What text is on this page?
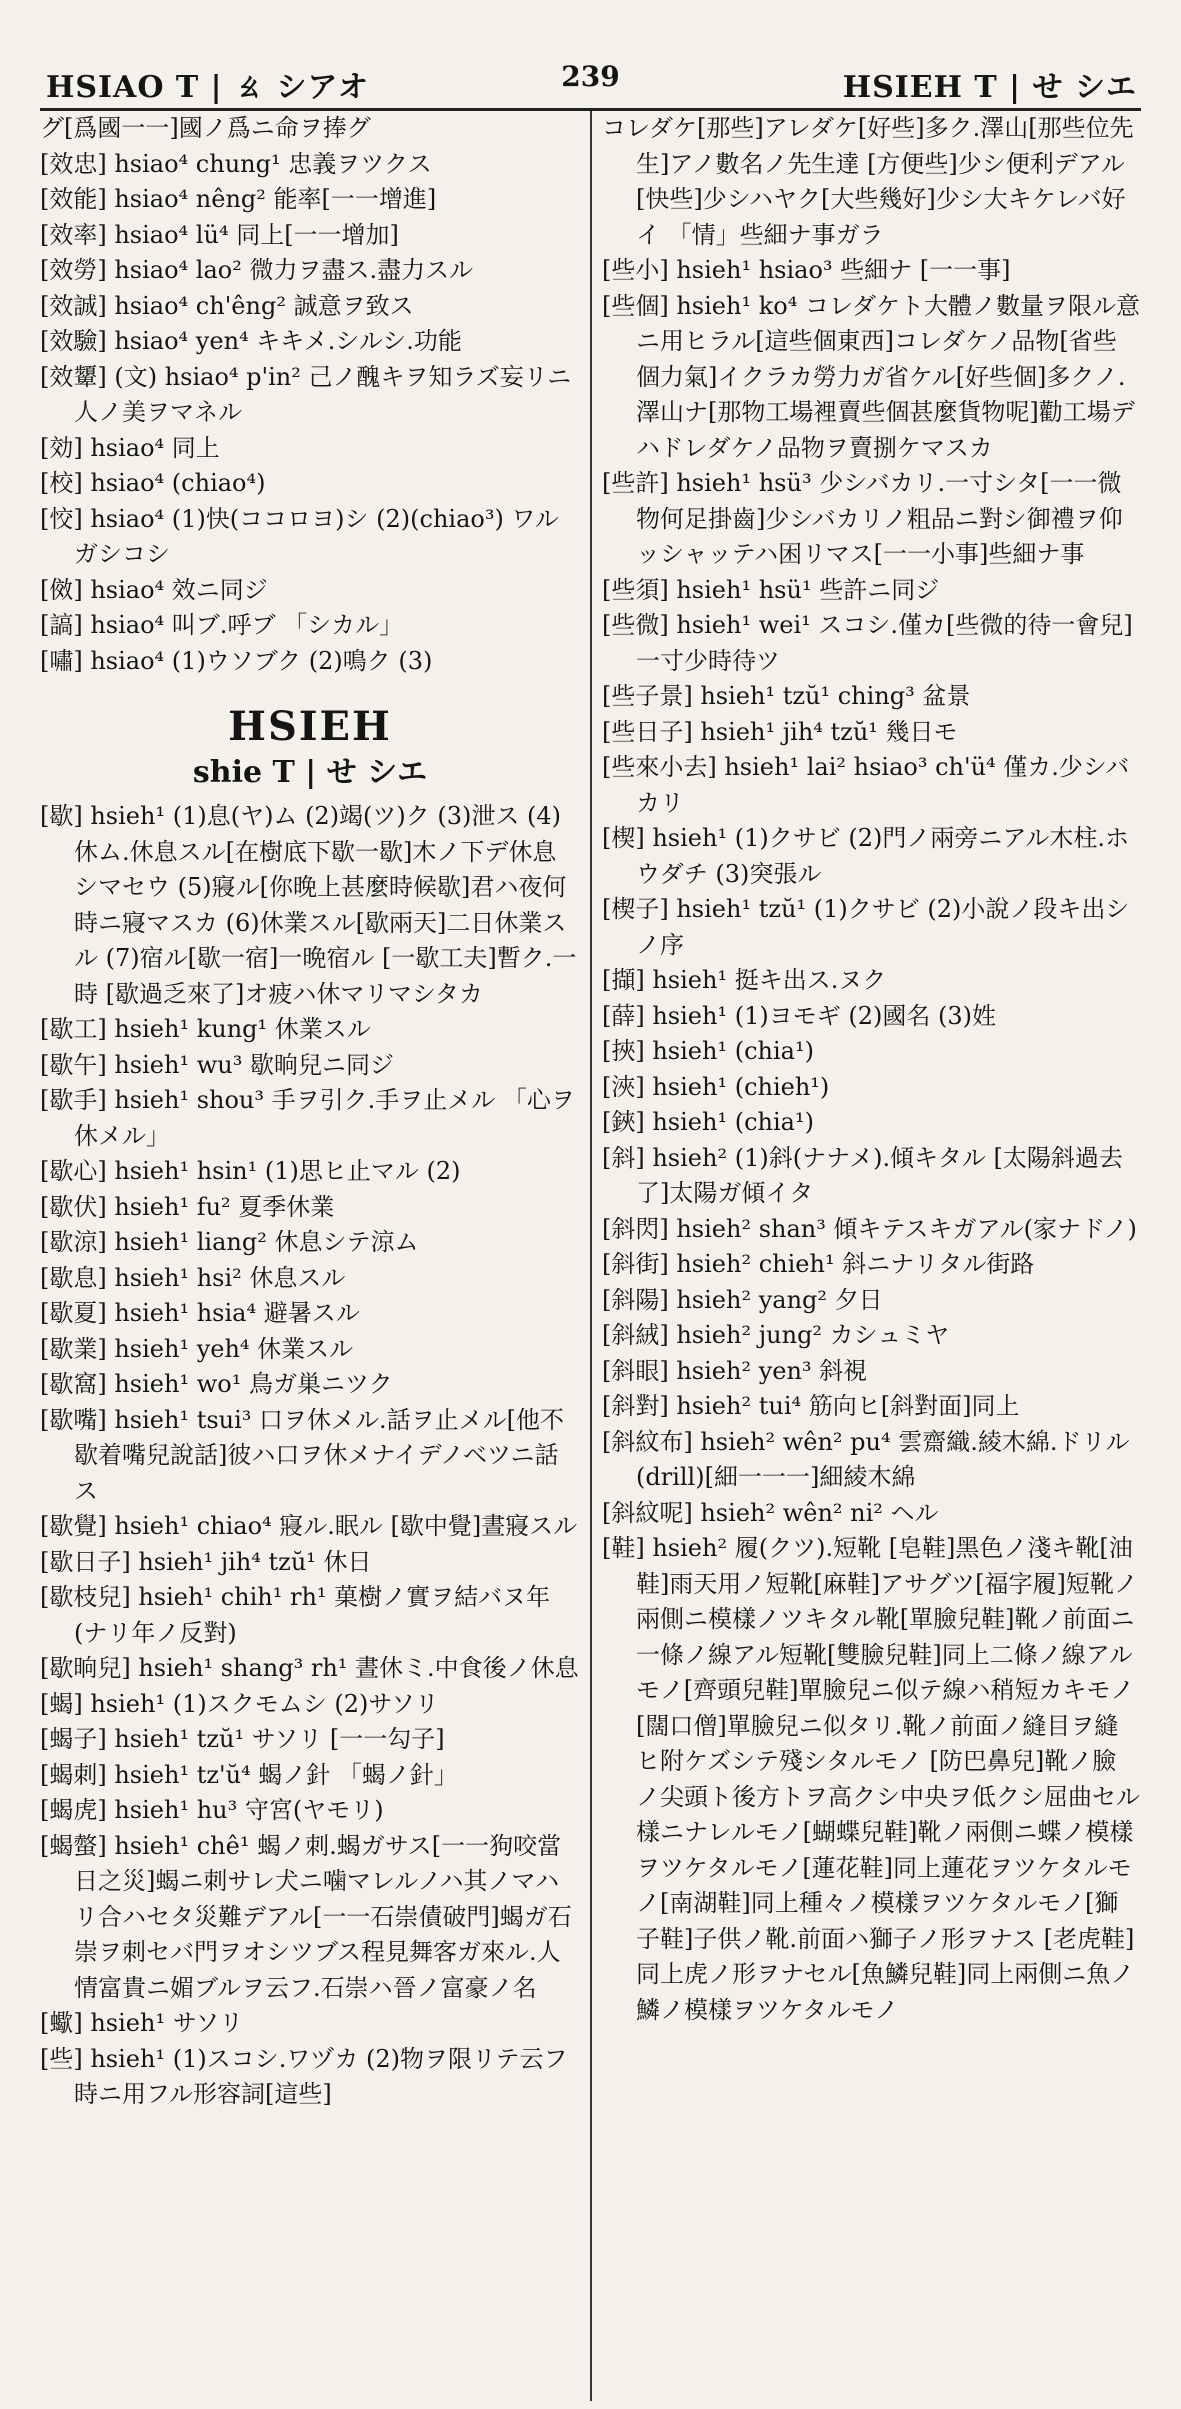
HSIAO T | ㄠ シアオ	239	HSIEH T | せ シエ

グ[爲國一一]國ノ爲ニ命ヲ捧グ

[效忠] hsiao⁴ chung¹ 忠義ヲツクス

[效能] hsiao⁴ nêng² 能率[一一增進]

[效率] hsiao⁴ lü⁴ 同上[一一增加]

[效勞] hsiao⁴ lao² 微力ヲ盡ス.盡力スル

[效誠] hsiao⁴ ch'êng² 誠意ヲ致ス

[效驗] hsiao⁴ yen⁴ キキメ.シルシ.功能

[效顰] (文) hsiao⁴ p'in² 己ノ醜キヲ知ラズ妄リニ人ノ美ヲマネル

[効] hsiao⁴ 同上

[校] hsiao⁴ (chiao⁴)

[恔] hsiao⁴ (1)快(ココロヨ)シ (2)(chiao³) ワルガシコシ

[傚] hsiao⁴ 效ニ同ジ

[謞] hsiao⁴ 叫ブ.呼ブ 「シカル」

[嘯] hsiao⁴ (1)ウソブク (2)鳴ク (3)

HSIEH
shie T | せ シエ

[歇] hsieh¹ (1)息(ヤ)ム (2)竭(ツ)ク (3)泄ス (4)休ム.休息スル[在樹底下歇一歇]木ノ下デ休息シマセウ (5)寢ル[你晚上甚麼時候歇]君ハ夜何時ニ寢マスカ (6)休業スル[歇兩天]二日休業スル (7)宿ル[歇一宿]一晩宿ル [一歇工夫]暫ク.一時 [歇過乏來了]オ疲ハ休マリマシタカ

[歇工] hsieh¹ kung¹ 休業スル

[歇午] hsieh¹ wu³ 歇晌兒ニ同ジ

[歇手] hsieh¹ shou³ 手ヲ引ク.手ヲ止メル 「心ヲ休メル」

[歇心] hsieh¹ hsin¹ (1)思ヒ止マル (2)

[歇伏] hsieh¹ fu² 夏季休業

[歇涼] hsieh¹ liang² 休息シテ涼ム

[歇息] hsieh¹ hsi² 休息スル

[歇夏] hsieh¹ hsia⁴ 避暑スル

[歇業] hsieh¹ yeh⁴ 休業スル

[歇窩] hsieh¹ wo¹ 鳥ガ巣ニツク

[歇嘴] hsieh¹ tsui³ 口ヲ休メル.話ヲ止メル[他不歇着嘴兒說話]彼ハ口ヲ休メナイデノベツニ話ス

[歇覺] hsieh¹ chiao⁴ 寢ル.眠ル [歇中覺]晝寢スル

[歇日子] hsieh¹ jih⁴ tzŭ¹ 休日

[歇枝兒] hsieh¹ chih¹ rh¹ 菓樹ノ實ヲ結バヌ年(ナリ年ノ反對)

[歇晌兒] hsieh¹ shang³ rh¹ 晝休ミ.中食後ノ休息

[蝎] hsieh¹ (1)スクモムシ (2)サソリ

[蝎子] hsieh¹ tzŭ¹ サソリ [一一勾子]

[蝎刺] hsieh¹ tz'ŭ⁴ 蝎ノ針 「蝎ノ針」

[蝎虎] hsieh¹ hu³ 守宮(ヤモリ)

[蝎螫] hsieh¹ chê¹ 蝎ノ刺.蝎ガサス[一一狗咬當日之災]蝎ニ刺サレ犬ニ噛マレルノハ其ノマハリ合ハセタ災難デアル[一一石崇債破門]蝎ガ石崇ヲ刺セバ門ヲオシツブス程見舞客ガ來ル.人情富貴ニ媚ブルヲ云フ.石崇ハ晉ノ富豪ノ名

[蠍] hsieh¹ サソリ

[些] hsieh¹ (1)スコシ.ワヅカ (2)物ヲ限リテ云フ時ニ用フル形容詞[這些]

コレダケ[那些]アレダケ[好些]多ク.澤山[那些位先生]アノ數名ノ先生達 [方便些]少シ便利デアル[快些]少シハヤク[大些幾好]少シ大キケレバ好イ 「情」些細ナ事ガラ

[些小] hsieh¹ hsiao³ 些細ナ [一一事]

[些個] hsieh¹ ko⁴ コレダケト大體ノ數量ヲ限ル意ニ用ヒラル[這些個東西]コレダケノ品物[省些個力氣]イクラカ勞力ガ省ケル[好些個]多クノ.澤山ナ[那物工場裡賣些個甚麼貨物呢]勸工場デハドレダケノ品物ヲ賣捌ケマスカ

[些許] hsieh¹ hsü³ 少シバカリ.一寸シタ[一一微物何足掛齒]少シバカリノ粗品ニ對シ御禮ヲ仰ッシャッテハ困リマス[一一小事]些細ナ事

[些須] hsieh¹ hsü¹ 些許ニ同ジ

[些微] hsieh¹ wei¹ スコシ.僅カ[些微的待一會兒]一寸少時待ツ

[些子景] hsieh¹ tzŭ¹ ching³ 盆景

[些日子] hsieh¹ jih⁴ tzŭ¹ 幾日モ

[些來小去] hsieh¹ lai² hsiao³ ch'ü⁴ 僅カ.少シバカリ

[楔] hsieh¹ (1)クサビ (2)門ノ兩旁ニアル木柱.ホウダチ (3)突張ル

[楔子] hsieh¹ tzŭ¹ (1)クサビ (2)小說ノ段キ出シノ序

[擷] hsieh¹ 挺キ出ス.ヌク

[薛] hsieh¹ (1)ヨモギ (2)國名 (3)姓

[挾] hsieh¹ (chia¹)

[浹] hsieh¹ (chieh¹)

[鋏] hsieh¹ (chia¹)

[斜] hsieh² (1)斜(ナナメ).傾キタル [太陽斜過去了]太陽ガ傾イタ

[斜閃] hsieh² shan³ 傾キテスキガアル(家ナドノ)

[斜街] hsieh² chieh¹ 斜ニナリタル街路

[斜陽] hsieh² yang² 夕日

[斜絨] hsieh² jung² カシュミヤ

[斜眼] hsieh² yen³ 斜視

[斜對] hsieh² tui⁴ 筋向ヒ[斜對面]同上

[斜紋布] hsieh² wên² pu⁴ 雲齋織.綾木綿.ドリル(drill)[細一一一]細綾木綿

[斜紋呢] hsieh² wên² ni² ヘル

[鞋] hsieh² 履(クツ).短靴 [皂鞋]黑色ノ淺キ靴[油鞋]雨天用ノ短靴[麻鞋]アサグツ[福字履]短靴ノ兩側ニ模樣ノツキタル靴[單臉兒鞋]靴ノ前面ニ一條ノ線アル短靴[雙臉兒鞋]同上二條ノ線アルモノ[齊頭兒鞋]單臉兒ニ似テ線ハ稍短カキモノ [闊口僧]單臉兒ニ似タリ.靴ノ前面ノ縫目ヲ縫ヒ附ケズシテ殘シタルモノ [防巴鼻兒]靴ノ臉ノ尖頭ト後方トヲ高クシ中央ヲ低クシ屈曲セル樣ニナレルモノ[蝴蝶兒鞋]靴ノ兩側ニ蝶ノ模樣ヲツケタルモノ[蓮花鞋]同上蓮花ヲツケタルモノ[南湖鞋]同上種々ノ模樣ヲツケタルモノ[獅子鞋]子供ノ靴.前面ハ獅子ノ形ヲナス [老虎鞋]同上虎ノ形ヲナセル[魚鱗兒鞋]同上兩側ニ魚ノ鱗ノ模樣ヲツケタルモノ
